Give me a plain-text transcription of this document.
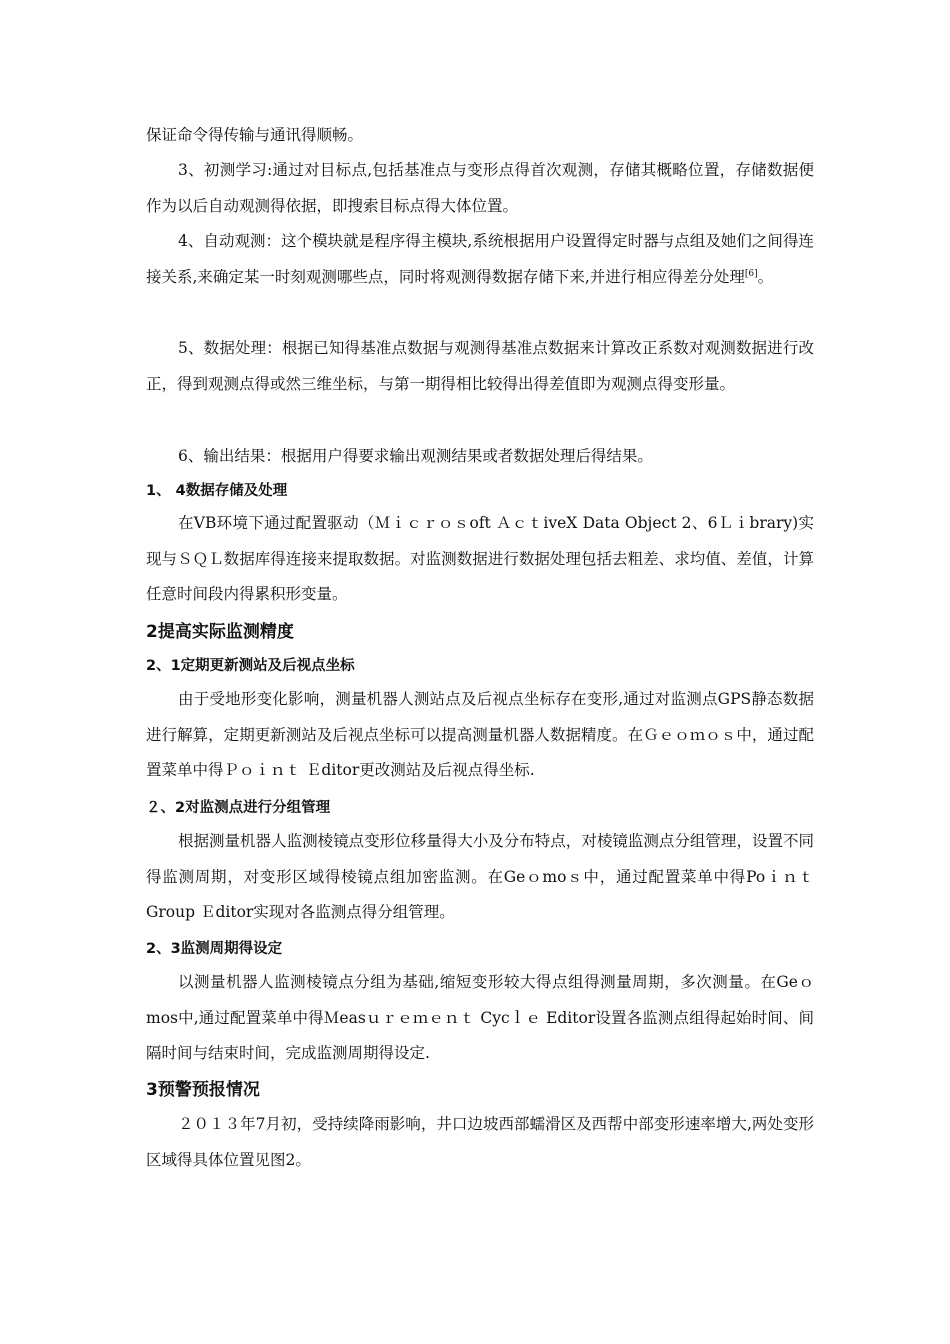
保证命令得传输与通讯得顺畅。

3、初测学习:通过对目标点,包括基准点与变形点得首次观测，存储其概略位置，存储数据便作为以后自动观测得依据，即搜索目标点得大体位置。

4、自动观测：这个模块就是程序得主模块,系统根据用户设置得定时器与点组及她们之间得连接关系,来确定某一时刻观测哪些点，同时将观测得数据存储下来,并进行相应得差分处理[6]。

5、数据处理：根据已知得基准点数据与观测得基准点数据来计算改正系数对观测数据进行改正，得到观测点得或然三维坐标，与第一期得相比较得出得差值即为观测点得变形量。

6、输出结果：根据用户得要求输出观测结果或者数据处理后得结果。

1、 4数据存储及处理

在VB环境下通过配置驱动（Ｍｉｃｒｏｓoft ＡｃｔiveX Data Object 2、6Ｌｉbrary)实现与ＳＱＬ数据库得连接来提取数据。对监测数据进行数据处理包括去粗差、求均值、差值，计算任意时间段内得累积形变量。

2提高实际监测精度
2、1定期更新测站及后视点坐标

由于受地形变化影响，测量机器人测站点及后视点坐标存在变形,通过对监测点GPS静态数据进行解算，定期更新测站及后视点坐标可以提高测量机器人数据精度。在Ｇｅｏｍｏｓ中，通过配置菜单中得Ｐｏｉｎｔ Ｅditor更改测站及后视点得坐标.

２、2对监测点进行分组管理

根据测量机器人监测棱镜点变形位移量得大小及分布特点，对棱镜监测点分组管理，设置不同得监测周期，对变形区域得棱镜点组加密监测。在Geｏmoｓ中，通过配置菜单中得Poｉｎｔ Group Ｅditor实现对各监测点得分组管理。

2、3监测周期得设定

以测量机器人监测棱镜点分组为基础,缩短变形较大得点组得测量周期，多次测量。在Geｏmos中,通过配置菜单中得Ｍeasｕｒｅｍｅｎｔ Cycｌｅ Editor设置各监测点组得起始时间、间隔时间与结束时间，完成监测周期得设定.

3预警预报情况

２０１３年7月初，受持续降雨影响，井口边坡西部蠕滑区及西帮中部变形速率增大,两处变形区域得具体位置见图2。
